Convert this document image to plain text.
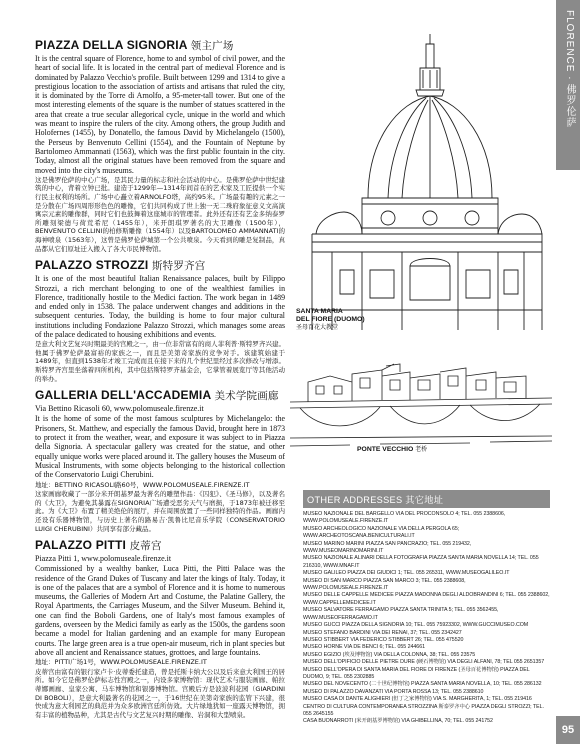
FLORENCE · 佛罗伦萨
PIAZZA DELLA SIGNORIA 领主广场

It is the central square of Florence, home to and symbol of civil power, and the heart of social life. It is located in the central part of medieval Florence and is dominated by Palazzo Vecchio's profile. Built between 1299 and 1314 to give a prestigious location to the association of artists and artisans that ruled the city, it is dominated by the Torre di Arnolfo, a 95-meter-tall tower. But one of the most interesting elements of the square is the number of statues scattered in the area that create a true secular allegorical cycle, unique in the world and which was meant to inspire the rulers of the city. Among others, the group Judith and Holofernes (1455), by Donatello, the famous David by Michelangelo (1500), the Perseus by Benvenuto Cellini (1554), and the Fountain of Neptune by Bartolomeo Ammannati (1563), which was the first public fountain in the city. Today, almost all the original statues have been removed from the square and moved into the city's museums.

这是佛罗伦萨的中心广场，是其民力量的标志和社会活动的中心。是佛罗伦萨中世纪建筑的中心，背着立钟已批。建造于1299年—1314年间首在的艺术家及工匠提供一个实行民主权利的场所。广场中心矗立着ARNOLFO塔，高约95米。广场最有趣的元素之一是分散在广场四周形形色色的雕像，它们共同构成了世上独一无二珠府象征意义文高演寓宗元素的雕像群，同时它们也鼓舞着这座城市的管理者。此外还有还有艺金多纳泰罗所雕刻梁德与荷荒希尼（1455年），米开朗琪罗著名的大卫雕像（1500年），BENVENUTO CELLINI的柏修斯雕像（1554年）以及BARTOLOMEO AMMANNATI的海神喷泉（1563年），这曾是佛罗伦萨城第一个公共喷泉。今天看到的雕是复制品，真品都从它们原址迁入搬入了各大市民博物馆。

PALAZZO STROZZI 斯特罗齐宫

It is one of the most beautiful Italian Renaissance palaces, built by Filippo Strozzi, a rich merchant belonging to one of the wealthiest families in Florence, traditionally hostile to the Medici faction. The work began in 1489 and ended only in 1538. The palace underwent changes and additions in the subsequent centuries. Today, the building is home to four major cultural institutions including Fondazione Palazzo Strozzi, which manages some areas of the palace dedicated to housing exhibitions and events.

是意大利文艺复兴时期最美的宫殿之一，由一位非常富有的商人菲利普·斯特罗齐兴建。他属于佛罗伦萨最富裕的家族之一，而且是美第奇家族的竞争对手。该建筑始建于1489年，但直到1538年才竣工完成而且在接下来的几个世纪里经过多次修改与增添。斯特罗齐宫里坐落着四所机构，其中包括斯特罗齐基金会，它掌管着展览厅等其他活动的举办。

GALLERIA DELL'ACCADEMIA 美术学院画廊

Via Bettino Ricasoli 60, www.polomuseale.firenze.it

It is the home of some of the most famous sculptures by Michelangelo: the Prisoners, St. Matthew, and especially the famous David, brought here in 1873 to protect it from the weather, wear, and exposure it was subject to in Piazza della Signoria. A spectacular gallery was created for the statue, and other equally unique works were placed around it. The gallery houses the Museum of Musical Instruments, with some objects belonging to the historical collection of the Conservatorio Luigi Cherubini.

地址：BETTINO RICASOLI路60号，WWW.POLOMUSEALE.FIRENZE.IT

这家画廊收藏了一部分米开朗基罗最为著名的雕塑作品：《囚犯》、《圣马修》，以及著名的《大卫》，为避免其暴露在SIGNORIA广场遭受恶劣天气与磨损，于1873年被迁移至此。为《大卫》布置了精美绝伦的展厅，并在周围放置了一些同样独特的作品。画廊内还设有乐器博物馆，与历史上著名的路易吉·凯鲁比尼音乐学院（CONSERVATORIO LUIGI CHERUBINI）共同享有部分藏品。

PALAZZO PITTI 皮蒂宫

Piazza Pitti 1, www.polomuseale.firenze.it

Commissioned by a wealthy banker, Luca Pitti, the Pitti Palace was the residence of the Grand Dukes of Tuscany and later the kings of Italy. Today, it is one of the palaces that are a symbol of Florence and it is home to numerous museums, the Galleries of Modern Art and Costume, the Palatine Gallery, the Royal Apartments, the Carriages Museum, and the Silver Museum. Behind it, one can find the Boboli Gardens, one of Italy's most famous examples of gardens, overseen by the Medici family as early as the 1500s, the gardens soon became a model for Italian gardening and an example for many European courts. The large green area is a true open-air museum, rich in plant species but above all ancient and Renaissance statues, grottoes, and large fountains.

地址：PITTI广场1号，WWW.POLOMUSEALE.FIRENZE.IT

皮蒂宫由富有的银行家卢卡·皮蒂委托建造，曾是托斯卡纳大公以及后来意大利国王的居所。如今它是佛罗伦萨标志性宫殿之一，内设多家博物馆：现代艺术与服装画廊、帕拉蒂娜画廊、皇家公寓、马车博物馆和银器博物馆。宫殿后方是波波利花园（GIARDINI DI BOBOLI），是意大利最著名的花园之一，于16世纪在美第奇家族的监管下兴建，很快成为意大利园艺的典范并为众多欧洲宫廷所仿效。大片绿地犹如一座露天博物馆，拥有丰富的植物品种，尤其是古代与文艺复兴时期的雕像、岩洞和大型喷泉。

SANTA MARIA
DEL FIORE (DUOMO)
圣母百花大教堂
PONTE VECCHIO 老桥
OTHER ADDRESSES 其它地址

MUSEO NAZIONALE DEL BARGELLO VIA DEL PROCONSOLO 4; TEL. 055 2388606, WWW.POLOMUSEALE.FIRENZE.IT

MUSEO ARCHEOLOGICO NAZIONALE VIA DELLA PERGOLA 65; WWW.ARCHEOTOSCANA.BENICULTURALI.IT

MUSEO MARINO MARINI PIAZZA SAN PANCRAZIO; TEL. 055 219432, WWW.MUSEOMARINOMARINI.IT

MUSEO NAZIONALE ALINARI DELLA FOTOGRAFIA PIAZZA SANTA MARIA NOVELLA 14; TEL. 055 216310, WWW.MNAF.IT

MUSEO GALILEO PIAZZA DEI GIUDICI 1; TEL. 055 265311, WWW.MUSEOGALILEO.IT

MUSEO DI SAN MARCO PIAZZA SAN MARCO 3; TEL. 055 2388608, WWW.POLOMUSEALE.FIRENZE.IT

MUSEO DELLE CAPPELLE MEDICEE PIAZZA MADONNA DEGLI ALDOBRANDINI 6; TEL. 055 2388602, WWW.CAPPELLEMEDICEE.IT

MUSEO SALVATORE FERRAGAMO PIAZZA SANTA TRINITA 5; TEL. 055 3562455, WWW.MUSEOFERRAGAMO.IT

MUSEO GUCCI PIAZZA DELLA SIGNORIA 10; TEL. 055 75923302, WWW.GUCCIMUSEO.COM

MUSEO STEFANO BARDINI VIA DEI RENAI, 37; TEL. 055 2342427

MUSEO STIBBERT VIA FEDERICO STIBBERT 26; TEL. 055 475520

MUSEO HORNE VIA DE BENCI 6; TEL. 055 244661

MUSEO EGIZIO (埃及博物馆) VIA DELLA COLONNA, 38; TEL. 055 23575

MUSEO DELL'OPIFICIO DELLE PIETRE DURE (硬石博物馆) VIA DEGLI ALFANI, 78; TEL 055 2651357

MUSEO DELL'OPERA DI SANTA MARIA DEL FIORE DI FIRENZE (圣母百花博物馆) PIAZZA DEL DUOMO, 9; TEL. 055 2302885

MUSEO DEL NOVECENTO (二十世纪博物馆) PIAZZA SANTA MARIA NOVELLA, 10; TEL. 055 286132

MUSEO DI PALAZZO DAVANZATI VIA PORTA ROSSA 13; TEL. 055 2388610

MUSEO CASA DI DANTE ALIGHIERI (但丁之家博物馆) VIA S. MARGHERITA, 1; TEL. 055 219416

CENTRO DI CULTURA CONTEMPORANEA STROZZINA 斯泰罗齐中心 PIAZZA DEGLI STROZZI; TEL. 055 2645155

CASA BUONARROTI (米开朗基罗博物馆) VIA GHIBELLINA, 70; TEL. 055 241752

95
